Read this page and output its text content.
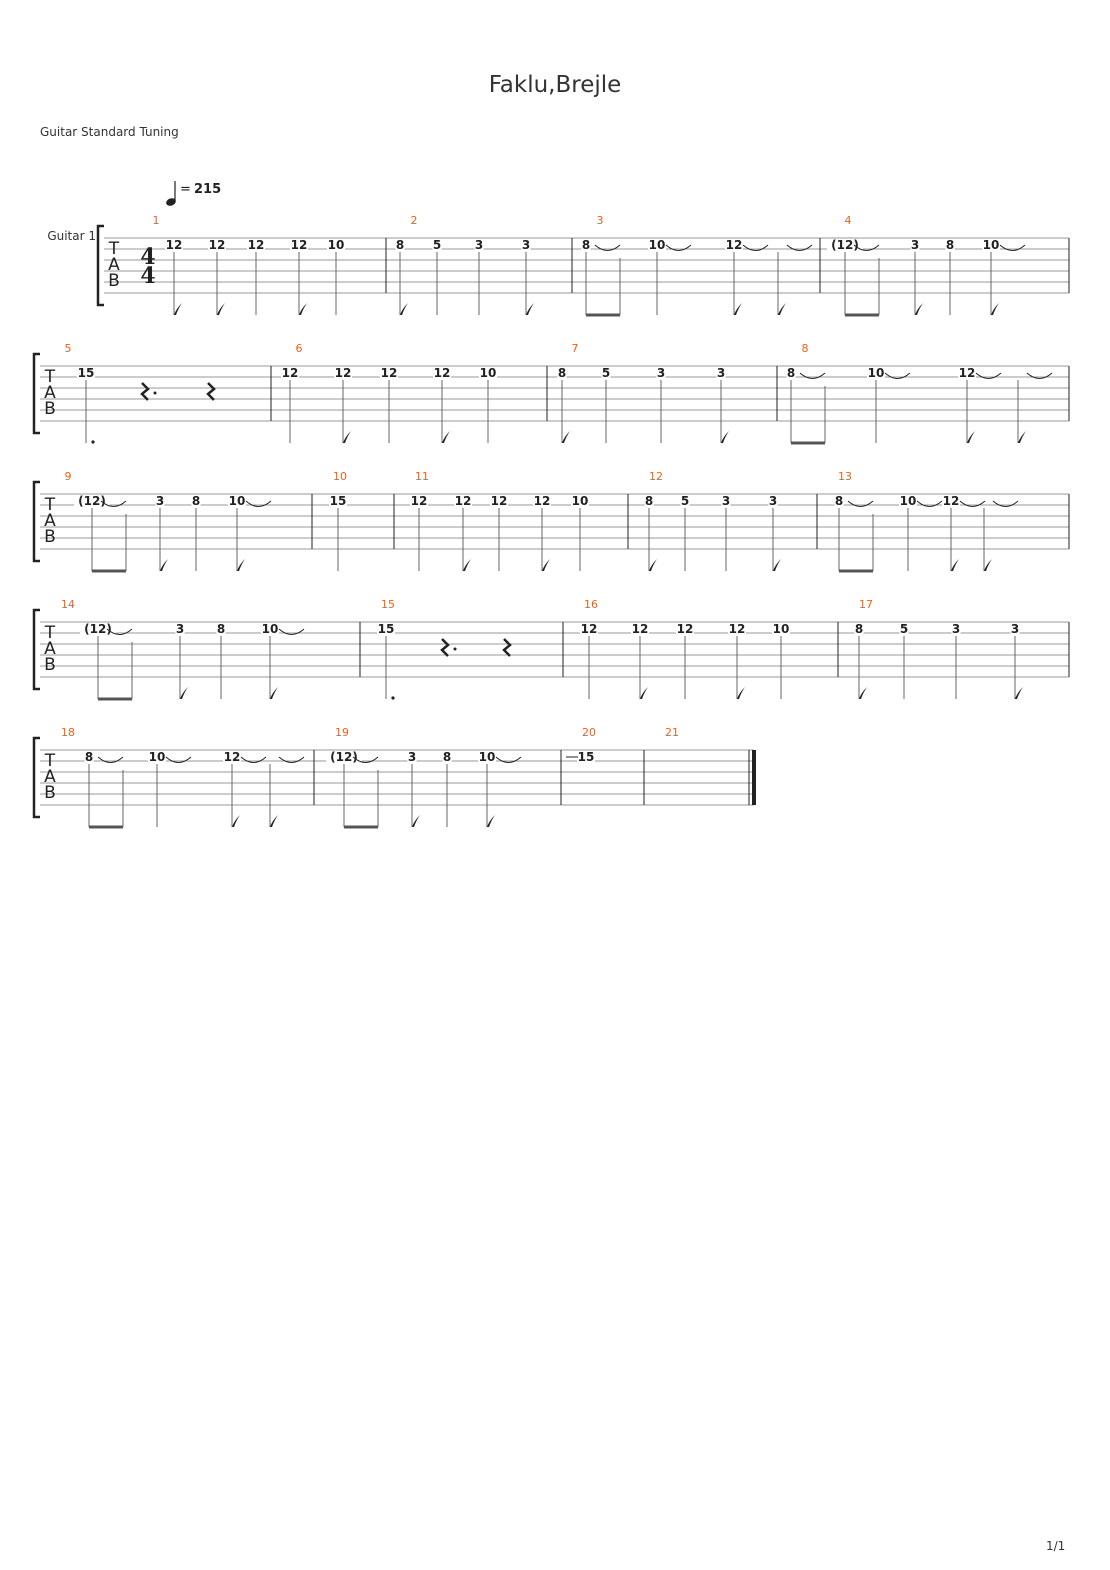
Faklu,Brejle
Guitar Standard Tuning
T
A
B
1
12 12 12 12 10
2
8 5	3	3
3
8	10	12
4
(12)	3 8 10
T
A
B
5
15
6
12	12 12	12 10
7
8	5	3	3
8
8	10	12
T
A
B
9
(12)	3 8 10
10
15
11
12 12 12 12 10
12
8 5	3	3
13
8	10 12
T
A
B
14
(12)	3	8	10
15
15
16
12	12 12	12 10
17
8	5	3	3
T
A
B
18
8	10	12
19
(12)	3 8 10
20
15
21
4
4
Guitar 1
= 215
1/1
